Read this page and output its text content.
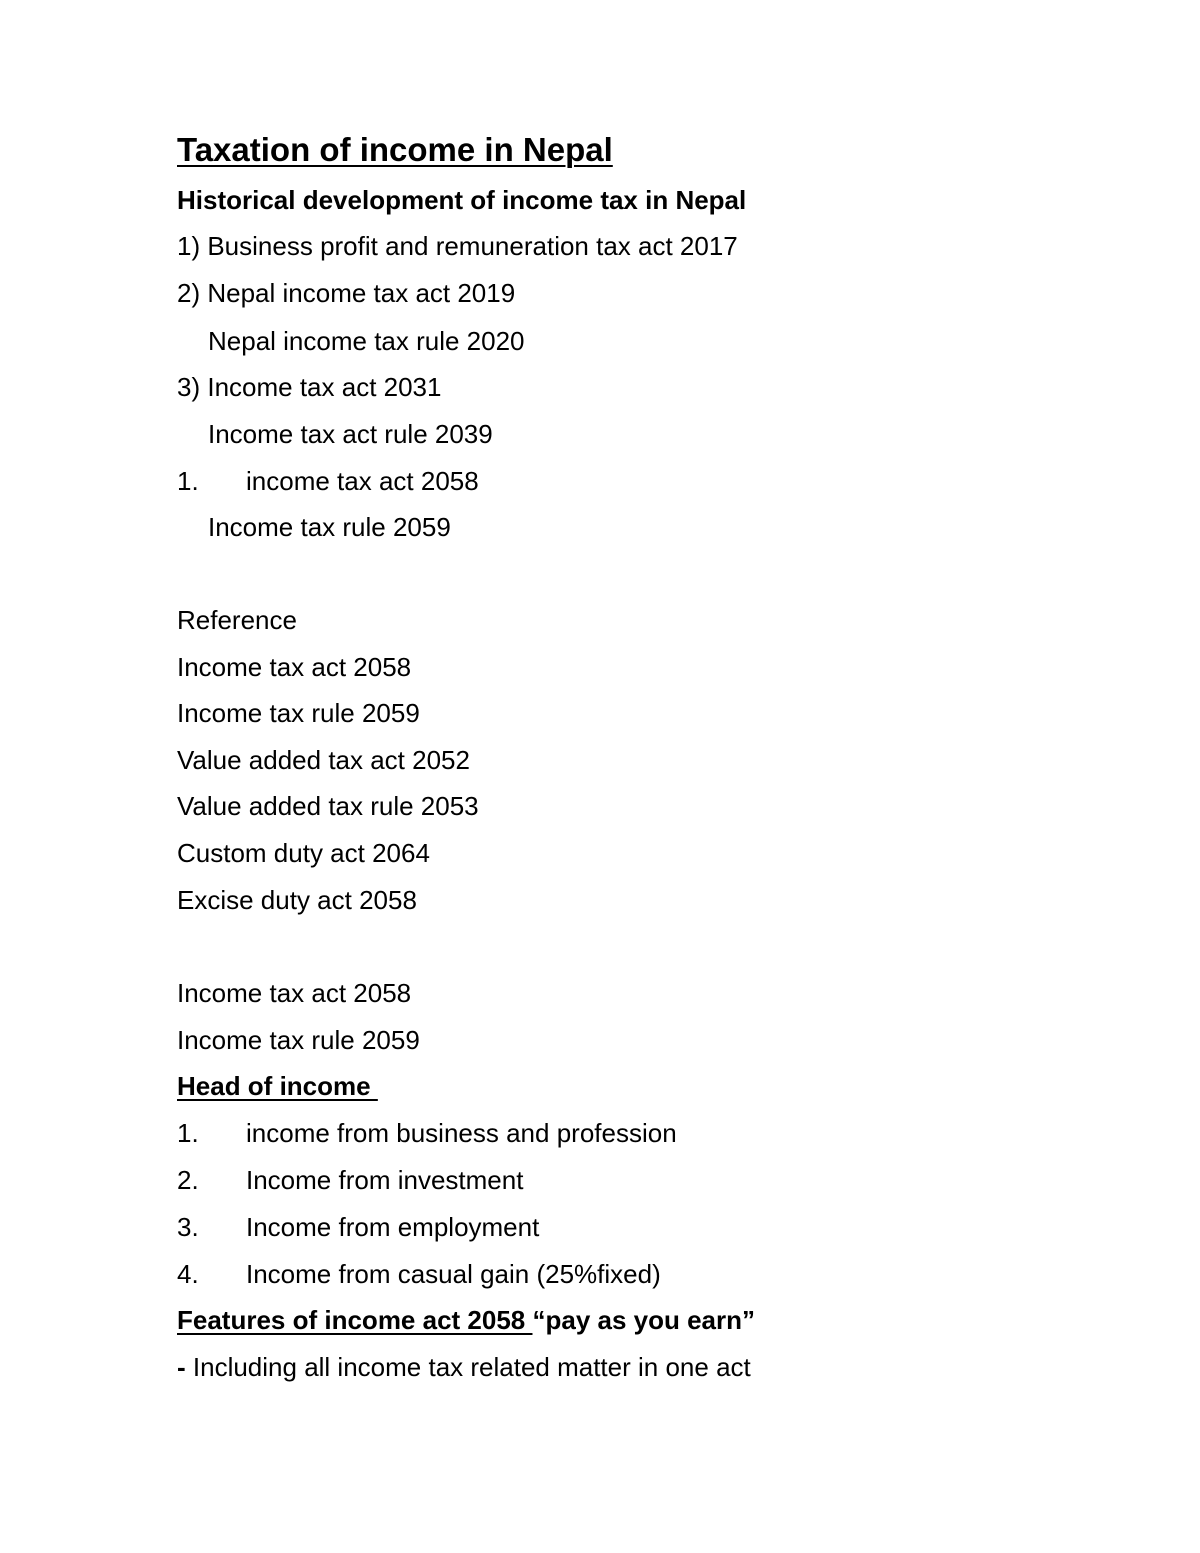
Taxation of income in Nepal
Historical development of income tax in Nepal
1) Business profit and remuneration tax act 2017
2) Nepal income tax act 2019
Nepal income tax rule 2020
3) Income tax act 2031
Income tax act rule 2039
1. income tax act 2058
Income tax rule 2059
Reference
Income tax act 2058
Income tax rule 2059
Value added tax act 2052
Value added tax rule 2053
Custom duty act 2064
Excise duty act 2058
Income tax act 2058
Income tax rule 2059
Head of income
1. income from business and profession
2. Income from investment
3. Income from employment
4. Income from casual gain (25%fixed)
Features of income act 2058 “pay as you earn”
- Including all income tax related matter in one act
